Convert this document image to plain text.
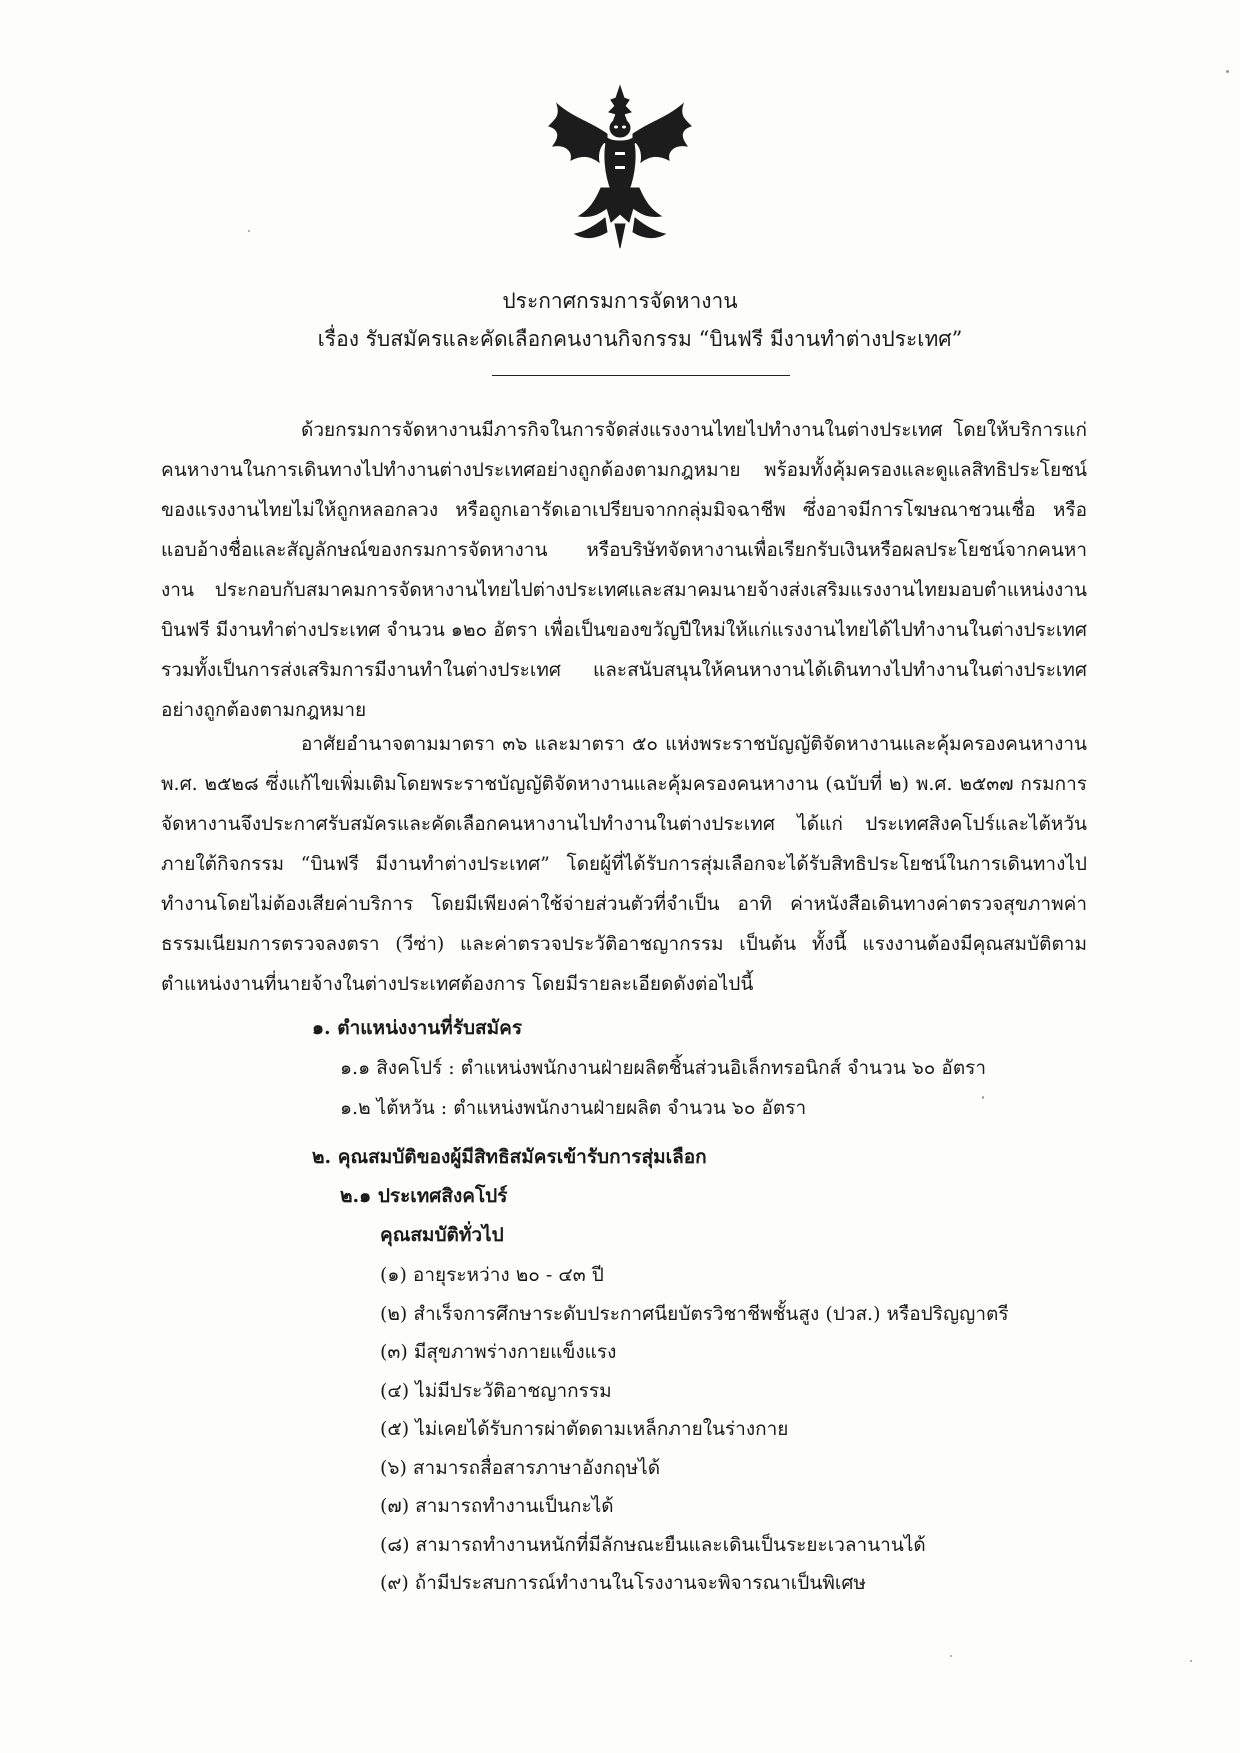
ประกาศกรมการจัดหางาน

เรื่อง รับสมัครและคัดเลือกคนงานกิจกรรม “บินฟรี มีงานทำต่างประเทศ”

ด้วยกรมการจัดหางานมีภารกิจในการจัดส่งแรงงานไทยไปทำงานในต่างประเทศ โดยให้บริการแก่คนหางานในการเดินทางไปทำงานต่างประเทศอย่างถูกต้องตามกฎหมาย พร้อมทั้งคุ้มครองและดูแลสิทธิประโยชน์ของแรงงานไทยไม่ให้ถูกหลอกลวง หรือถูกเอารัดเอาเปรียบจากกลุ่มมิจฉาชีพ ซึ่งอาจมีการโฆษณาชวนเชื่อ หรือแอบอ้างชื่อและสัญลักษณ์ของกรมการจัดหางาน หรือบริษัทจัดหางานเพื่อเรียกรับเงินหรือผลประโยชน์จากคนหางาน ประกอบกับสมาคมการจัดหางานไทยไปต่างประเทศและสมาคมนายจ้างส่งเสริมแรงงานไทยมอบตำแหน่งงานบินฟรี มีงานทำต่างประเทศ จำนวน ๑๒๐ อัตรา เพื่อเป็นของขวัญปีใหม่ให้แก่แรงงานไทยได้ไปทำงานในต่างประเทศ รวมทั้งเป็นการส่งเสริมการมีงานทำในต่างประเทศ และสนับสนุนให้คนหางานได้เดินทางไปทำงานในต่างประเทศอย่างถูกต้องตามกฎหมาย

อาศัยอำนาจตามมาตรา ๓๖ และมาตรา ๕๐ แห่งพระราชบัญญัติจัดหางานและคุ้มครองคนหางาน พ.ศ. ๒๕๒๘ ซึ่งแก้ไขเพิ่มเติมโดยพระราชบัญญัติจัดหางานและคุ้มครองคนหางาน (ฉบับที่ ๒) พ.ศ. ๒๕๓๗ กรมการจัดหางานจึงประกาศรับสมัครและคัดเลือกคนหางานไปทำงานในต่างประเทศ ได้แก่ ประเทศสิงคโปร์และไต้หวัน ภายใต้กิจกรรม “บินฟรี มีงานทำต่างประเทศ” โดยผู้ที่ได้รับการสุ่มเลือกจะได้รับสิทธิประโยชน์ในการเดินทางไปทำงานโดยไม่ต้องเสียค่าบริการ โดยมีเพียงค่าใช้จ่ายส่วนตัวที่จำเป็น อาทิ ค่าหนังสือเดินทางค่าตรวจสุขภาพค่าธรรมเนียมการตรวจลงตรา (วีซ่า) และค่าตรวจประวัติอาชญากรรม เป็นต้น ทั้งนี้ แรงงานต้องมีคุณสมบัติตามตำแหน่งงานที่นายจ้างในต่างประเทศต้องการ โดยมีรายละเอียดดังต่อไปนี้

๑. ตำแหน่งงานที่รับสมัคร

๑.๑ สิงคโปร์ : ตำแหน่งพนักงานฝ่ายผลิตชิ้นส่วนอิเล็กทรอนิกส์ จำนวน ๖๐ อัตรา

๑.๒ ไต้หวัน : ตำแหน่งพนักงานฝ่ายผลิต จำนวน ๖๐ อัตรา

๒. คุณสมบัติของผู้มีสิทธิสมัครเข้ารับการสุ่มเลือก

๒.๑ ประเทศสิงคโปร์

คุณสมบัติทั่วไป

(๑) อายุระหว่าง ๒๐ - ๔๓ ปี
(๒) สำเร็จการศึกษาระดับประกาศนียบัตรวิชาชีพชั้นสูง (ปวส.) หรือปริญญาตรี
(๓) มีสุขภาพร่างกายแข็งแรง
(๔) ไม่มีประวัติอาชญากรรม
(๕) ไม่เคยได้รับการผ่าตัดดามเหล็กภายในร่างกาย
(๖) สามารถสื่อสารภาษาอังกฤษได้
(๗) สามารถทำงานเป็นกะได้
(๘) สามารถทำงานหนักที่มีลักษณะยืนและเดินเป็นระยะเวลานานได้
(๙) ถ้ามีประสบการณ์ทำงานในโรงงานจะพิจารณาเป็นพิเศษ
